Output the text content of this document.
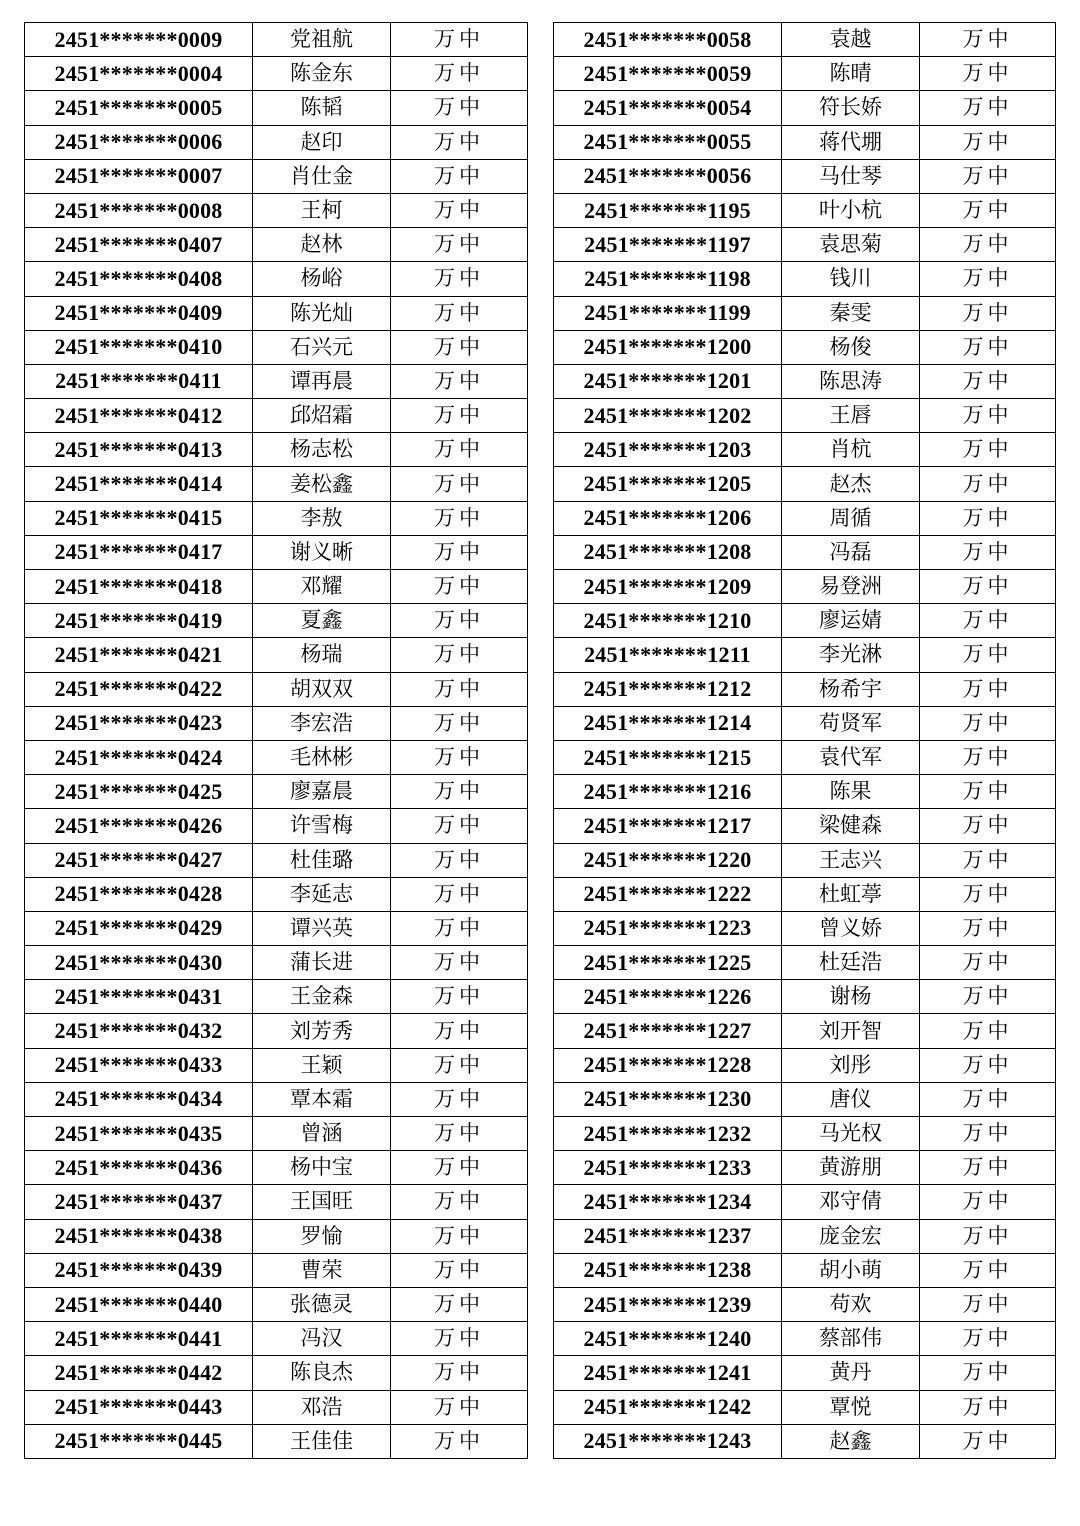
2451*******0009	党祖航	万中
2451*******0004	陈金东	万中
2451*******0005	陈韬	万中
2451*******0006	赵印	万中
2451*******0007	肖仕金	万中
2451*******0008	王柯	万中
2451*******0407	赵林	万中
2451*******0408	杨峪	万中
2451*******0409	陈光灿	万中
2451*******0410	石兴元	万中
2451*******0411	谭再晨	万中
2451*******0412	邱炤霜	万中
2451*******0413	杨志松	万中
2451*******0414	姜松鑫	万中
2451*******0415	李敖	万中
2451*******0417	谢义晰	万中
2451*******0418	邓耀	万中
2451*******0419	夏鑫	万中
2451*******0421	杨瑞	万中
2451*******0422	胡双双	万中
2451*******0423	李宏浩	万中
2451*******0424	毛林彬	万中
2451*******0425	廖嘉晨	万中
2451*******0426	许雪梅	万中
2451*******0427	杜佳璐	万中
2451*******0428	李延志	万中
2451*******0429	谭兴英	万中
2451*******0430	蒲长进	万中
2451*******0431	王金森	万中
2451*******0432	刘芳秀	万中
2451*******0433	王颖	万中
2451*******0434	覃本霜	万中
2451*******0435	曾涵	万中
2451*******0436	杨中宝	万中
2451*******0437	王国旺	万中
2451*******0438	罗愉	万中
2451*******0439	曹荣	万中
2451*******0440	张德灵	万中
2451*******0441	冯汉	万中
2451*******0442	陈良杰	万中
2451*******0443	邓浩	万中
2451*******0445	王佳佳	万中
2451*******0058	袁越	万中
2451*******0059	陈晴	万中
2451*******0054	符长娇	万中
2451*******0055	蒋代堋	万中
2451*******0056	马仕琴	万中
2451*******1195	叶小杭	万中
2451*******1197	袁思菊	万中
2451*******1198	钱川	万中
2451*******1199	秦雯	万中
2451*******1200	杨俊	万中
2451*******1201	陈思涛	万中
2451*******1202	王唇	万中
2451*******1203	肖杭	万中
2451*******1205	赵杰	万中
2451*******1206	周循	万中
2451*******1208	冯磊	万中
2451*******1209	易登洲	万中
2451*******1210	廖运婧	万中
2451*******1211	李光淋	万中
2451*******1212	杨希宇	万中
2451*******1214	苟贤军	万中
2451*******1215	袁代军	万中
2451*******1216	陈果	万中
2451*******1217	梁健森	万中
2451*******1220	王志兴	万中
2451*******1222	杜虹葶	万中
2451*******1223	曾义娇	万中
2451*******1225	杜廷浩	万中
2451*******1226	谢杨	万中
2451*******1227	刘开智	万中
2451*******1228	刘彤	万中
2451*******1230	唐仪	万中
2451*******1232	马光权	万中
2451*******1233	黄游朋	万中
2451*******1234	邓守倩	万中
2451*******1237	庞金宏	万中
2451*******1238	胡小萌	万中
2451*******1239	苟欢	万中
2451*******1240	蔡部伟	万中
2451*******1241	黄丹	万中
2451*******1242	覃悦	万中
2451*******1243	赵鑫	万中
